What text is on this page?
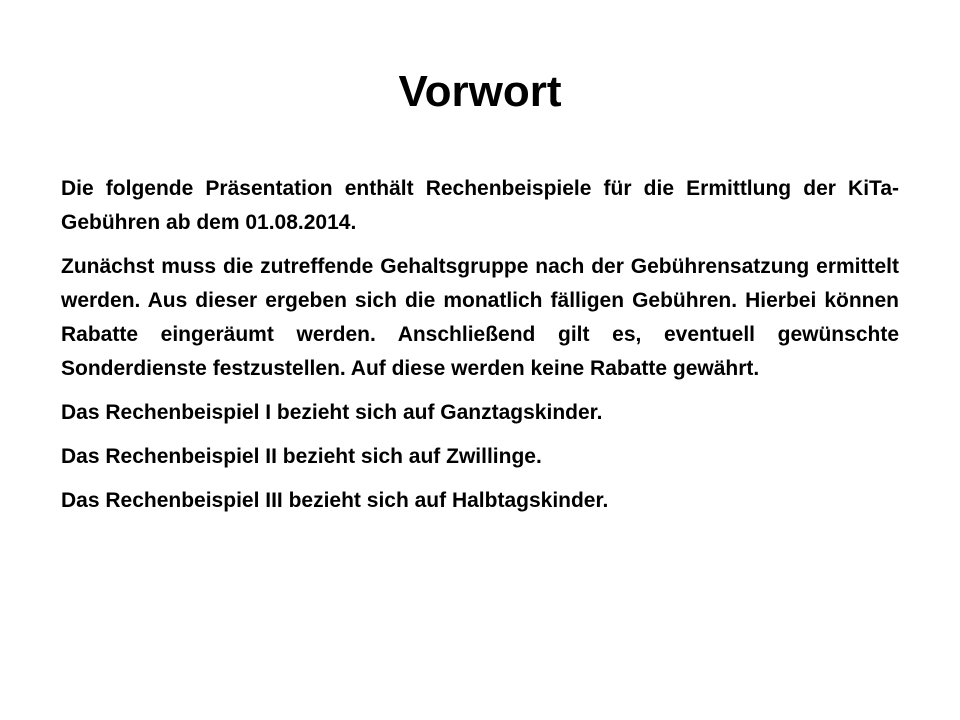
Vorwort

Die folgende Präsentation enthält Rechenbeispiele für die Ermittlung der KiTa-Gebühren ab dem 01.08.2014.

Zunächst muss die zutreffende Gehaltsgruppe nach der Gebührensatzung ermittelt werden. Aus dieser ergeben sich die monatlich fälligen Gebühren. Hierbei können Rabatte eingeräumt werden. Anschließend gilt es, eventuell gewünschte Sonderdienste festzustellen. Auf diese werden keine Rabatte gewährt.

Das Rechenbeispiel I bezieht sich auf Ganztagskinder.

Das Rechenbeispiel II bezieht sich auf Zwillinge.

Das Rechenbeispiel III bezieht sich auf Halbtagskinder.
